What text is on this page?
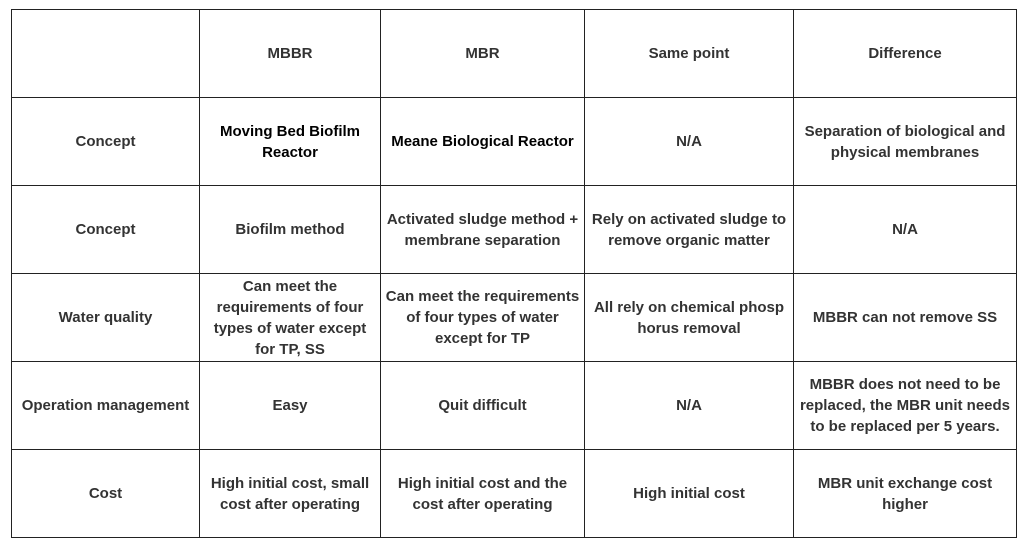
	MBBR	MBR	Same point	Difference
Concept	Moving Bed Biofilm Reactor	Meane Biological Reactor	N/A	Separation of biological and physical membranes
Concept	Biofilm method	Activated sludge method + membrane separation	Rely on activated sludge to remove organic matter	N/A
Water quality	Can meet the requirements of four types of water except for TP, SS	Can meet the requirements of four types of water except for TP	All rely on chemical phosp horus removal	MBBR can not remove SS
Operation management	Easy	Quit difficult	N/A	MBBR does not need to be replaced, the MBR unit needs to be replaced per 5 years.
Cost	High initial cost, small cost after operating	High initial cost and the cost after operating	High initial cost	MBR unit exchange cost higher
